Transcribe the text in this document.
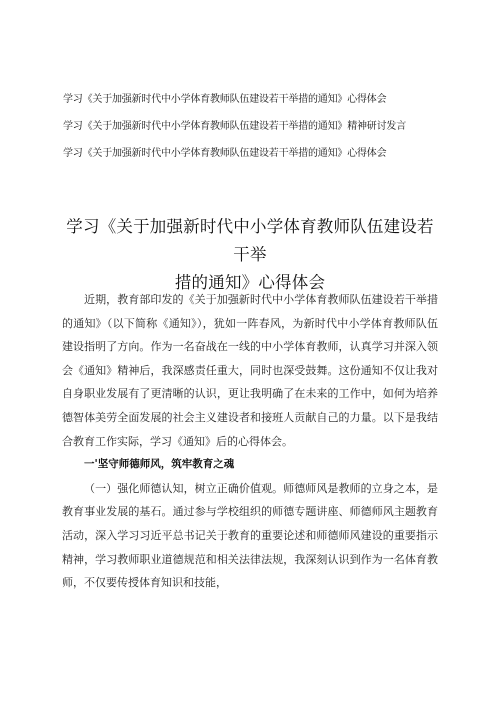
学习《关于加强新时代中小学体育教师队伍建设若干举措的通知》心得体会
学习《关于加强新时代中小学体育教师队伍建设若干举措的通知》精神研讨发言
学习《关于加强新时代中小学体育教师队伍建设若干举措的通知》心得体会
学习《关于加强新时代中小学体育教师队伍建设若干举
措的通知》心得体会

近期，教育部印发的《关于加强新时代中小学体育教师队伍建设若干举措的通知》（以下简称《通知》），犹如一阵春风，为新时代中小学体育教师队伍建设指明了方向。作为一名奋战在一线的中小学体育教师，认真学习并深入领会《通知》精神后，我深感责任重大，同时也深受鼓舞。这份通知不仅让我对自身职业发展有了更清晰的认识，更让我明确了在未来的工作中，如何为培养德智体美劳全面发展的社会主义建设者和接班人贡献自己的力量。以下是我结合教育工作实际，学习《通知》后的心得体会。

一'坚守师德师风，筑牢教育之魂

（一）强化师德认知，树立正确价值观。师德师风是教师的立身之本，是教育事业发展的基石。通过参与学校组织的师德专题讲座、师德师风主题教育活动，深入学习习近平总书记关于教育的重要论述和师德师风建设的重要指示精神，学习教师职业道德规范和相关法律法规，我深刻认识到作为一名体育教师，不仅要传授体育知识和技能，
